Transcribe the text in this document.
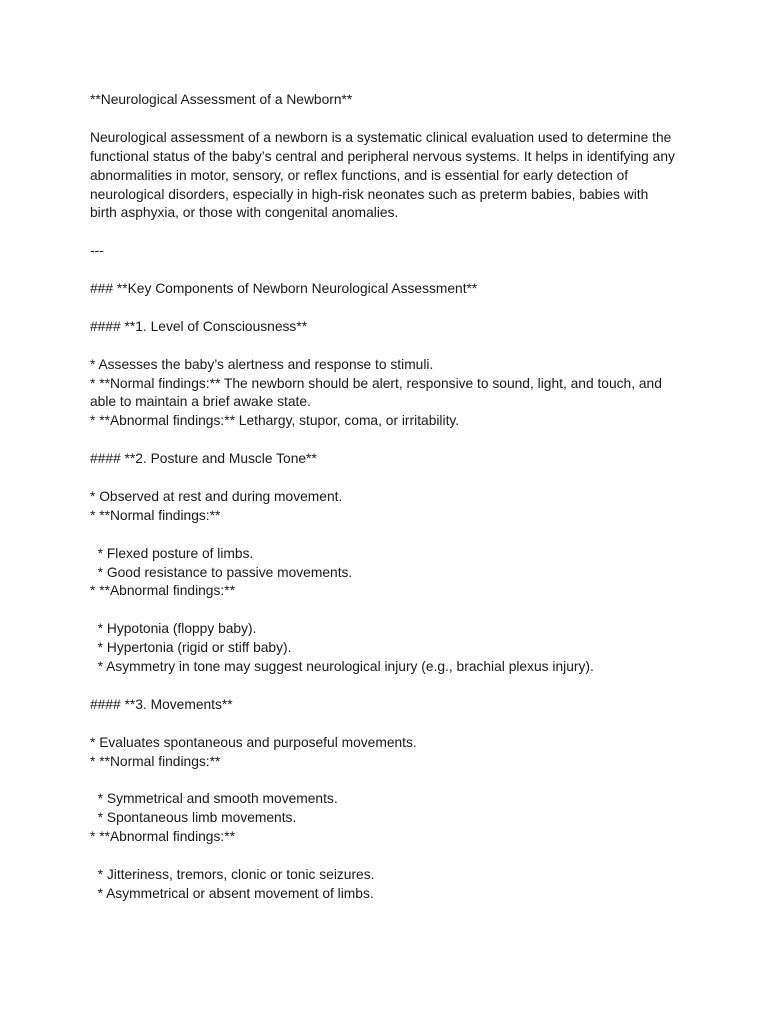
**Neurological Assessment of a Newborn**
Neurological assessment of a newborn is a systematic clinical evaluation used to determine the
functional status of the baby’s central and peripheral nervous systems. It helps in identifying any
abnormalities in motor, sensory, or reflex functions, and is essential for early detection of
neurological disorders, especially in high-risk neonates such as preterm babies, babies with
birth asphyxia, or those with congenital anomalies.
---
### **Key Components of Newborn Neurological Assessment**
#### **1. Level of Consciousness**
* Assesses the baby’s alertness and response to stimuli.
* **Normal findings:** The newborn should be alert, responsive to sound, light, and touch, and
able to maintain a brief awake state.
* **Abnormal findings:** Lethargy, stupor, coma, or irritability.
#### **2. Posture and Muscle Tone**
* Observed at rest and during movement.
* **Normal findings:**
* Flexed posture of limbs.
* Good resistance to passive movements.
* **Abnormal findings:**
* Hypotonia (floppy baby).
* Hypertonia (rigid or stiff baby).
* Asymmetry in tone may suggest neurological injury (e.g., brachial plexus injury).
#### **3. Movements**
* Evaluates spontaneous and purposeful movements.
* **Normal findings:**
* Symmetrical and smooth movements.
* Spontaneous limb movements.
* **Abnormal findings:**
* Jitteriness, tremors, clonic or tonic seizures.
* Asymmetrical or absent movement of limbs.
